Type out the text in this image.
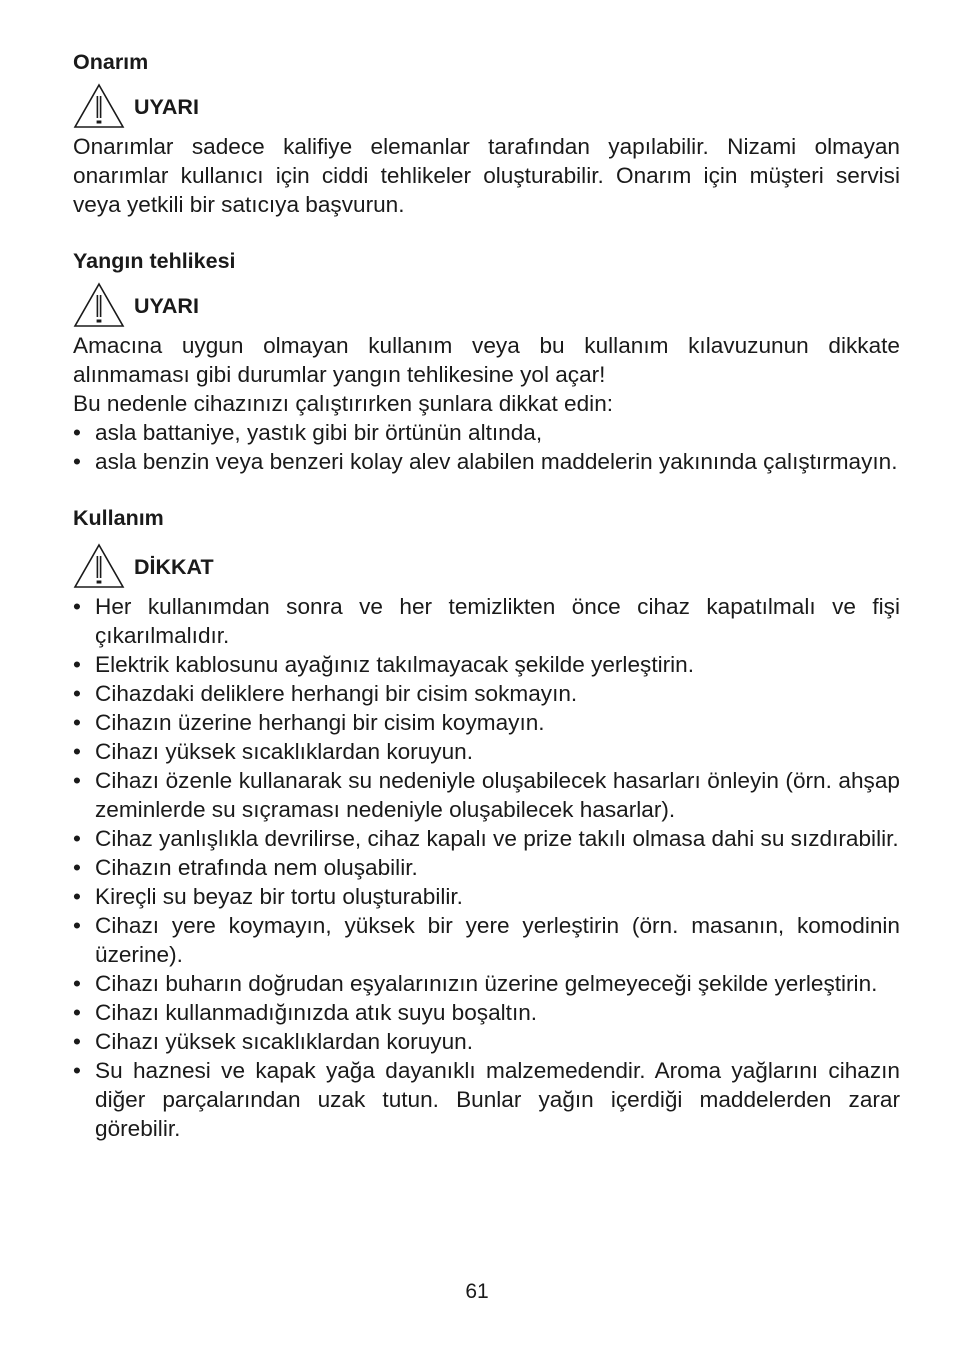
Onarım
UYARI

Onarımlar sadece kalifiye elemanlar tarafından yapılabilir. Nizami olmayan onarımlar kullanıcı için ciddi tehlikeler oluşturabilir. Onarım için müşteri servisi veya yetkili bir satıcıya başvurun.

Yangın tehlikesi
UYARI

Amacına uygun olmayan kullanım veya bu kullanım kılavuzunun dikkate alınmaması gibi durumlar yangın tehlikesine yol açar!

Bu nedenle cihazınızı çalıştırırken şunlara dikkat edin:

• asla battaniye, yastık gibi bir örtünün altında,
• asla benzin veya benzeri kolay alev alabilen maddelerin yakınında çalıştırmayın.
Kullanım
DİKKAT
• Her kullanımdan sonra ve her temizlikten önce cihaz kapatılmalı ve fişi çıkarılmalıdır.
• Elektrik kablosunu ayağınız takılmayacak şekilde yerleştirin.
• Cihazdaki deliklere herhangi bir cisim sokmayın.
• Cihazın üzerine herhangi bir cisim koymayın.
• Cihazı yüksek sıcaklıklardan koruyun.
• Cihazı özenle kullanarak su nedeniyle oluşabilecek hasarları önleyin (örn. ahşap zeminlerde su sıçraması nedeniyle oluşabilecek hasarlar).
• Cihaz yanlışlıkla devrilirse, cihaz kapalı ve prize takılı olmasa dahi su sızdırabilir.
• Cihazın etrafında nem oluşabilir.
• Kireçli su beyaz bir tortu oluşturabilir.
• Cihazı yere koymayın, yüksek bir yere yerleştirin (örn. masanın, komodinin üzerine).
• Cihazı buharın doğrudan eşyalarınızın üzerine gelmeyeceği şekilde yerleştirin.
• Cihazı kullanmadığınızda atık suyu boşaltın.
• Cihazı yüksek sıcaklıklardan koruyun.
• Su haznesi ve kapak yağa dayanıklı malzemedendir. Aroma yağlarını cihazın diğer parçalarından uzak tutun. Bunlar yağın içerdiği maddelerden zarar görebilir.
61
